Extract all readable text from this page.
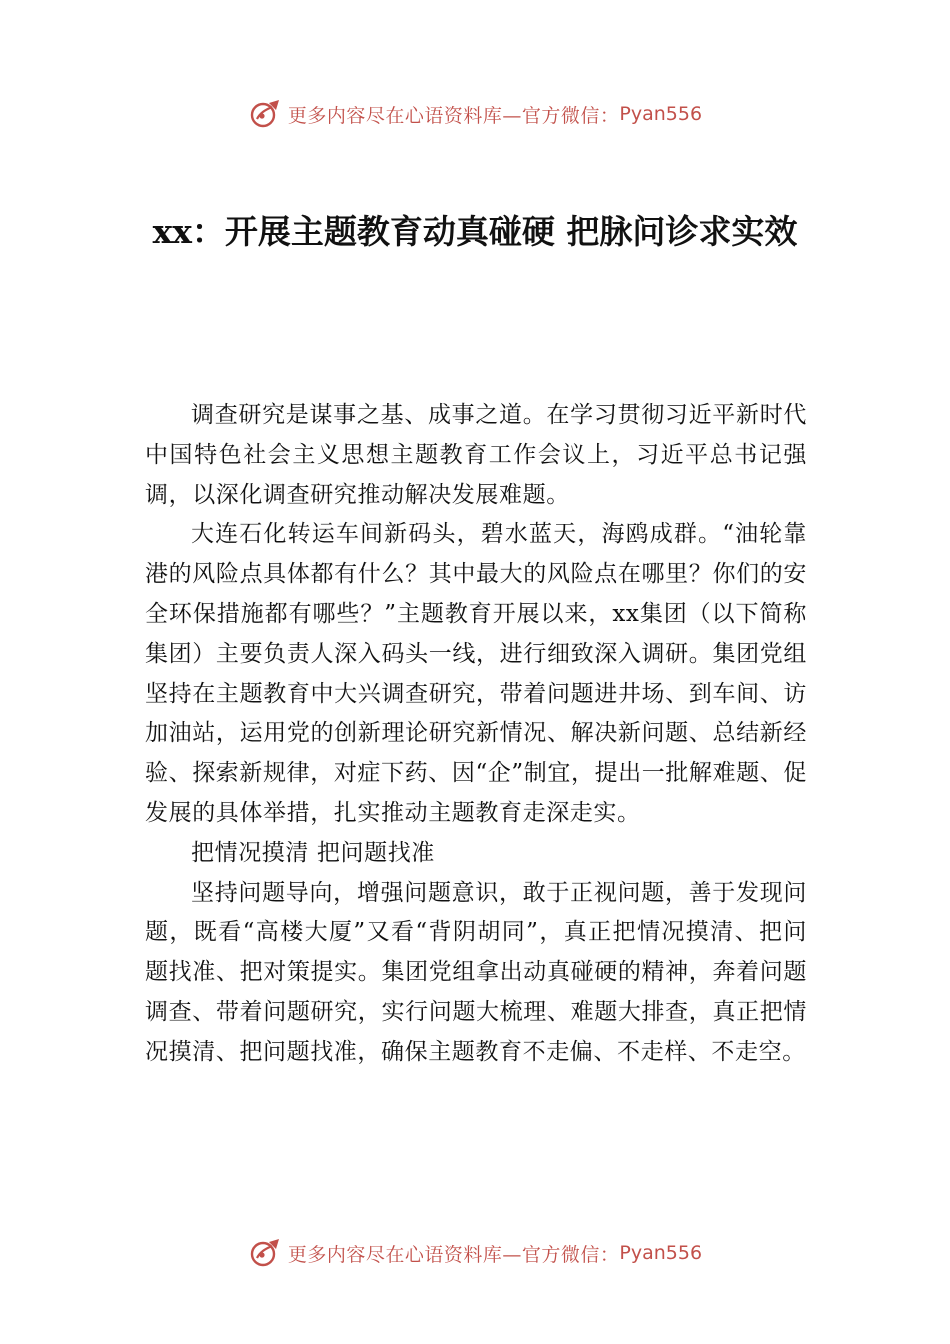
更多内容尽在心语资料库—官方微信： Pyan556
xx：开展主题教育动真碰硬 把脉问诊求实效

调查研究是谋事之基、成事之道。在学习贯彻习近平新时代中国特色社会主义思想主题教育工作会议上，习近平总书记强调，以深化调查研究推动解决发展难题。

大连石化转运车间新码头，碧水蓝天，海鸥成群。“油轮靠港的风险点具体都有什么？其中最大的风险点在哪里？你们的安全环保措施都有哪些？”主题教育开展以来，xx集团（以下简称集团）主要负责人深入码头一线，进行细致深入调研。集团党组坚持在主题教育中大兴调查研究，带着问题进井场、到车间、访加油站，运用党的创新理论研究新情况、解决新问题、总结新经验、探索新规律，对症下药、因“企”制宜，提出一批解难题、促发展的具体举措，扎实推动主题教育走深走实。

把情况摸清 把问题找准

坚持问题导向，增强问题意识，敢于正视问题，善于发现问题，既看“高楼大厦”又看“背阴胡同”，真正把情况摸清、把问题找准、把对策提实。集团党组拿出动真碰硬的精神，奔着问题调查、带着问题研究，实行问题大梳理、难题大排查，真正把情况摸清、把问题找准，确保主题教育不走偏、不走样、不走空。

更多内容尽在心语资料库—官方微信： Pyan556
